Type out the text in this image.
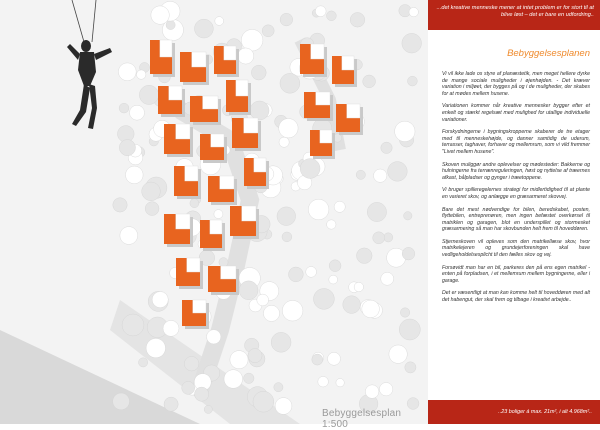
Bebyggelsesplan 1:500
...det kreative menneske mener at intet problem er for stort til at blive løst – det er bare en udfordring..
Bebyggelsesplanen

Vi vil ikke lade os styre af planæstetik, men meget hellere dyrke de mange sociale muligheder i øjenhøjden. - Det kræver variation i miljøet, der bygges på og i de muligheder, der skabes for at mødes mellem husene.

Variationen kommer når kreative mennesker bygger efter et enkelt og stærkt regelsæt med mulighed for utallige individuelle variationer.

Forskydningerne i bygningskropperne skaberer de tre etager med til menneskehøjde, og danner samtidig de uderum, terrasser, taghaver, forhaver og mellemrum, som vi vild fremmer "Livet mellem husene".

Skoven muliggør andre oplevelser og mødesteder: Bakkerne og hulningerne fra terrænreguleringen, høst og nyttelse af træernes afkast, bålpladser og gynger i træetoppene.

Vi bruger spilleregelernes strategi for midlertidighed til at plante en varieret skov, og anlægge en græsarmeret skovvej.

Bare det mest nødvendige for bilen, beredskabet, posten, flyttebilen, entreprenøren, men ingen befæstet overkørsel til matriklen og garagen, blot en underspillet og stormesket græsarmering så man har skovbunden helt frem til hoveddøren.

Stjerneskoven vil opleves som den matrikellæse skov, hvor matrikelejeren og grundejerforeningen skal have vedligeholdelsesplicht til den fælles skov og vej.

Forsøvidt man har en bil, parkeres den på ens egen matrikel - enten på forpladsen, i et mellemrum mellem bygningerne, eller i garage.

Det er væsentligt at man kan komme helt til hoveddøren med alt det habengut, der skal frem og tilbage i kreativt arbejde..

..23 boliger á max. 21m², i alt 4.968m²..
